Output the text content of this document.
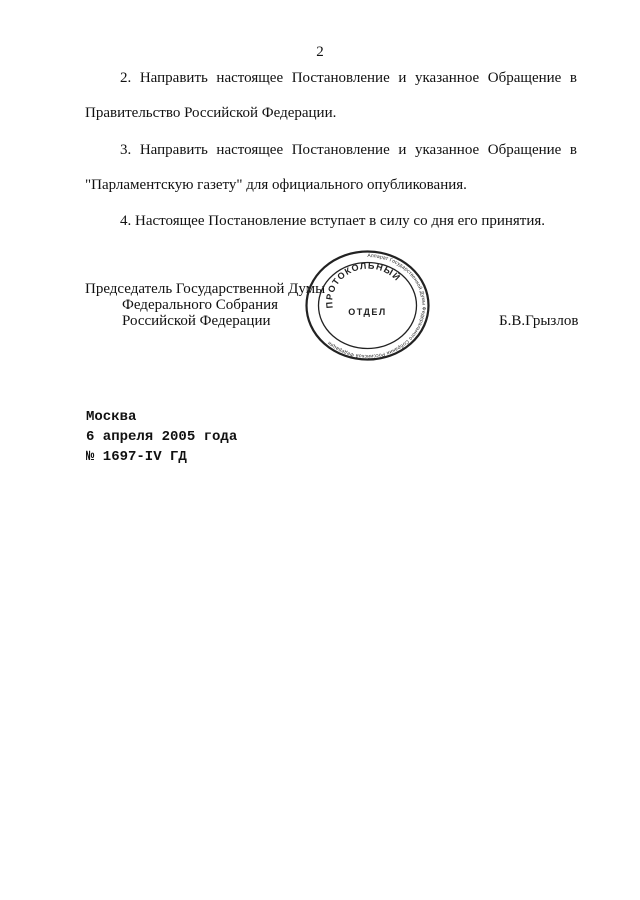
2
2. Направить настоящее Постановление и указанное Обращение в
Правительство Российской Федерации.
3. Направить настоящее Постановление и указанное Обращение в
"Парламентскую газету" для официального опубликования.
4. Настоящее Постановление вступает в силу со дня его принятия.
Председатель Государственной Думы
Федерального Собрания
Российской Федерации	Б.В.Грызлов
Аппарат Государственной Думы Федерального Собрания Российской Федерации
ПРОТОКОЛЬНЫЙ
ОТДЕЛ
Москва
6 апреля 2005 года
№ 1697-IV ГД
